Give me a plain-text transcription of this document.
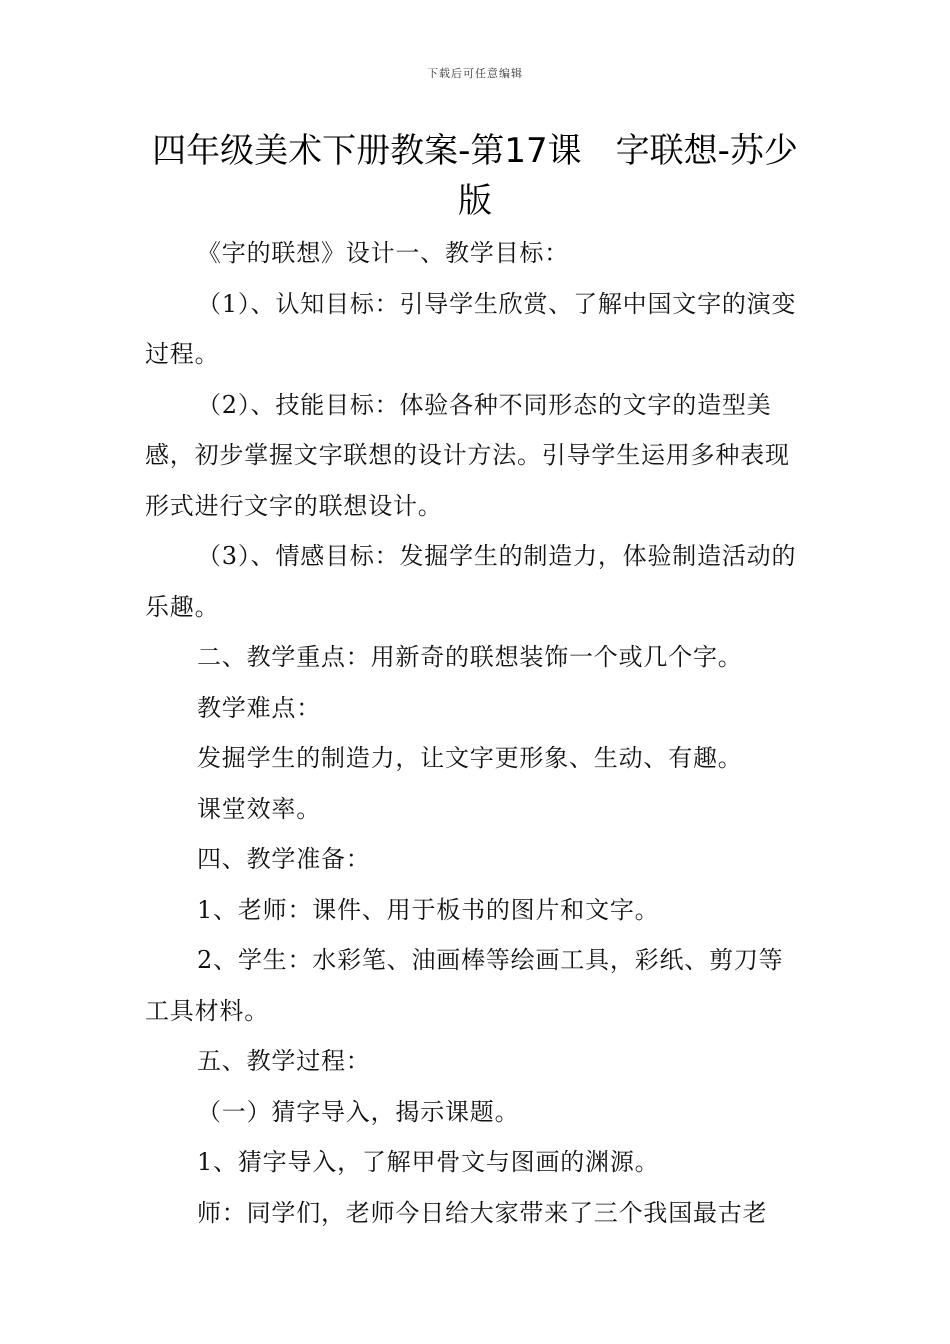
下载后可任意编辑
四年级美术下册教案-第17课　字联想-苏少版

《字的联想》设计一、教学目标：

（1）、认知目标：引导学生欣赏、了解中国文字的演变过程。

（2）、技能目标：体验各种不同形态的文字的造型美感，初步掌握文字联想的设计方法。引导学生运用多种表现形式进行文字的联想设计。

（3）、情感目标：发掘学生的制造力，体验制造活动的乐趣。

二、教学重点：用新奇的联想装饰一个或几个字。

教学难点：

发掘学生的制造力，让文字更形象、生动、有趣。

课堂效率。

四、教学准备：

1、老师：课件、用于板书的图片和文字。

2、学生：水彩笔、油画棒等绘画工具，彩纸、剪刀等工具材料。

五、教学过程：

（一）猜字导入，揭示课题。

1、猜字导入，了解甲骨文与图画的渊源。

师：同学们，老师今日给大家带来了三个我国最古老
